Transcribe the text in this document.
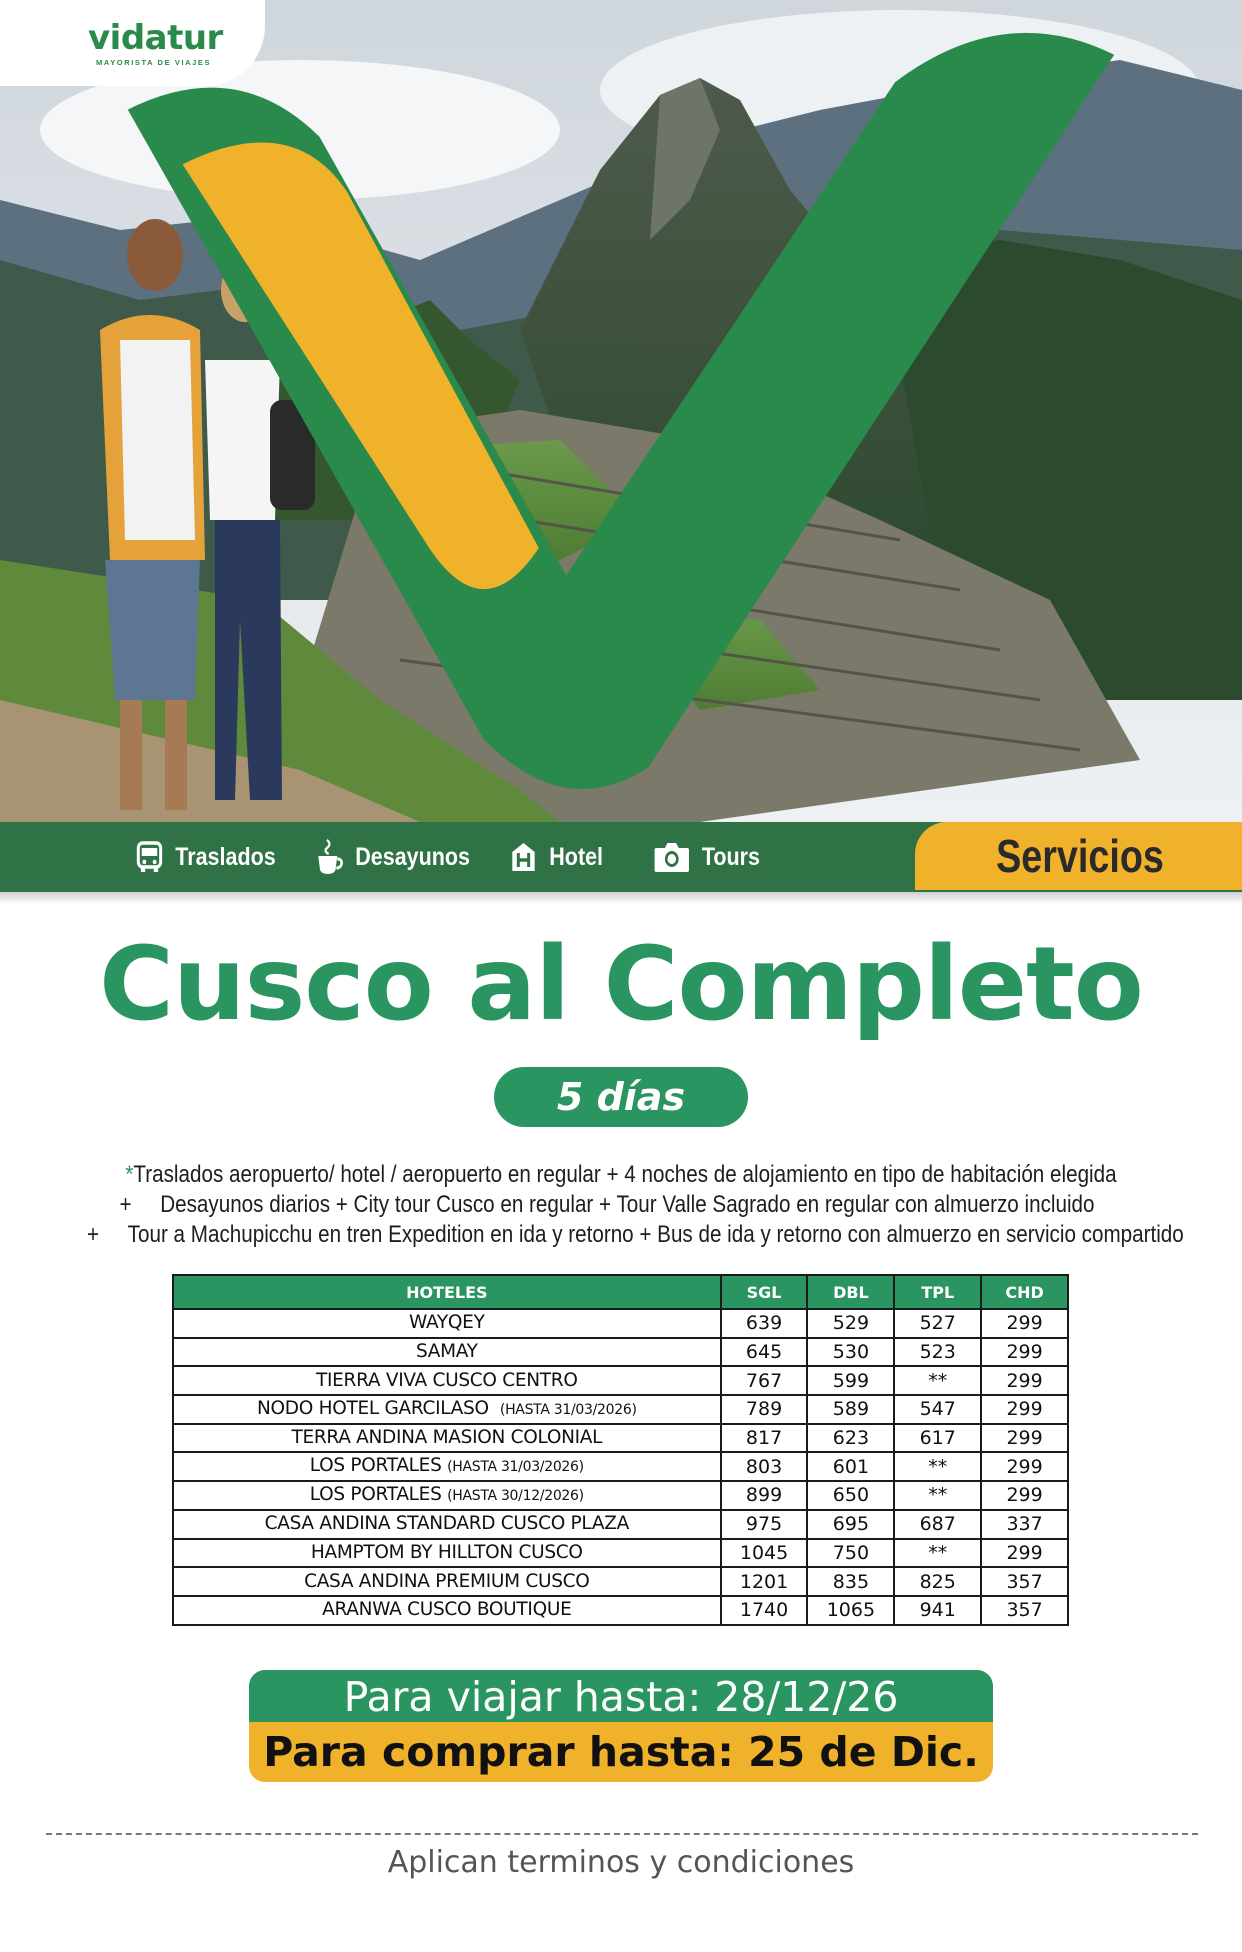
vidatur
MAYORISTA DE VIAJES
Traslados	Desayunos	Hotel	Tours	Servicios
Cusco al Completo
5 días
*Traslados aeropuerto/ hotel / aeropuerto en regular + 4 noches de alojamiento en tipo de habitación elegida
+ Desayunos diarios + City tour Cusco en regular + Tour Valle Sagrado en regular con almuerzo incluido
+ Tour a Machupicchu en tren Expedition en ida y retorno + Bus de ida y retorno con almuerzo en servicio compartido
HOTELES	SGL	DBL	TPL	CHD
WAYQEY	639	529	527	299
SAMAY	645	530	523	299
TIERRA VIVA CUSCO CENTRO	767	599	**	299
NODO HOTEL GARCILASO (HASTA 31/03/2026)	789	589	547	299
TERRA ANDINA MASION COLONIAL	817	623	617	299
LOS PORTALES (HASTA 31/03/2026)	803	601	**	299
LOS PORTALES (HASTA 30/12/2026)	899	650	**	299
CASA ANDINA STANDARD CUSCO PLAZA	975	695	687	337
HAMPTOM BY HILLTON CUSCO	1045	750	**	299
CASA ANDINA PREMIUM CUSCO	1201	835	825	357
ARANWA CUSCO BOUTIQUE	1740	1065	941	357
Para viajar hasta: 28/12/26
Para comprar hasta: 25 de Dic.
Aplican terminos y condiciones
